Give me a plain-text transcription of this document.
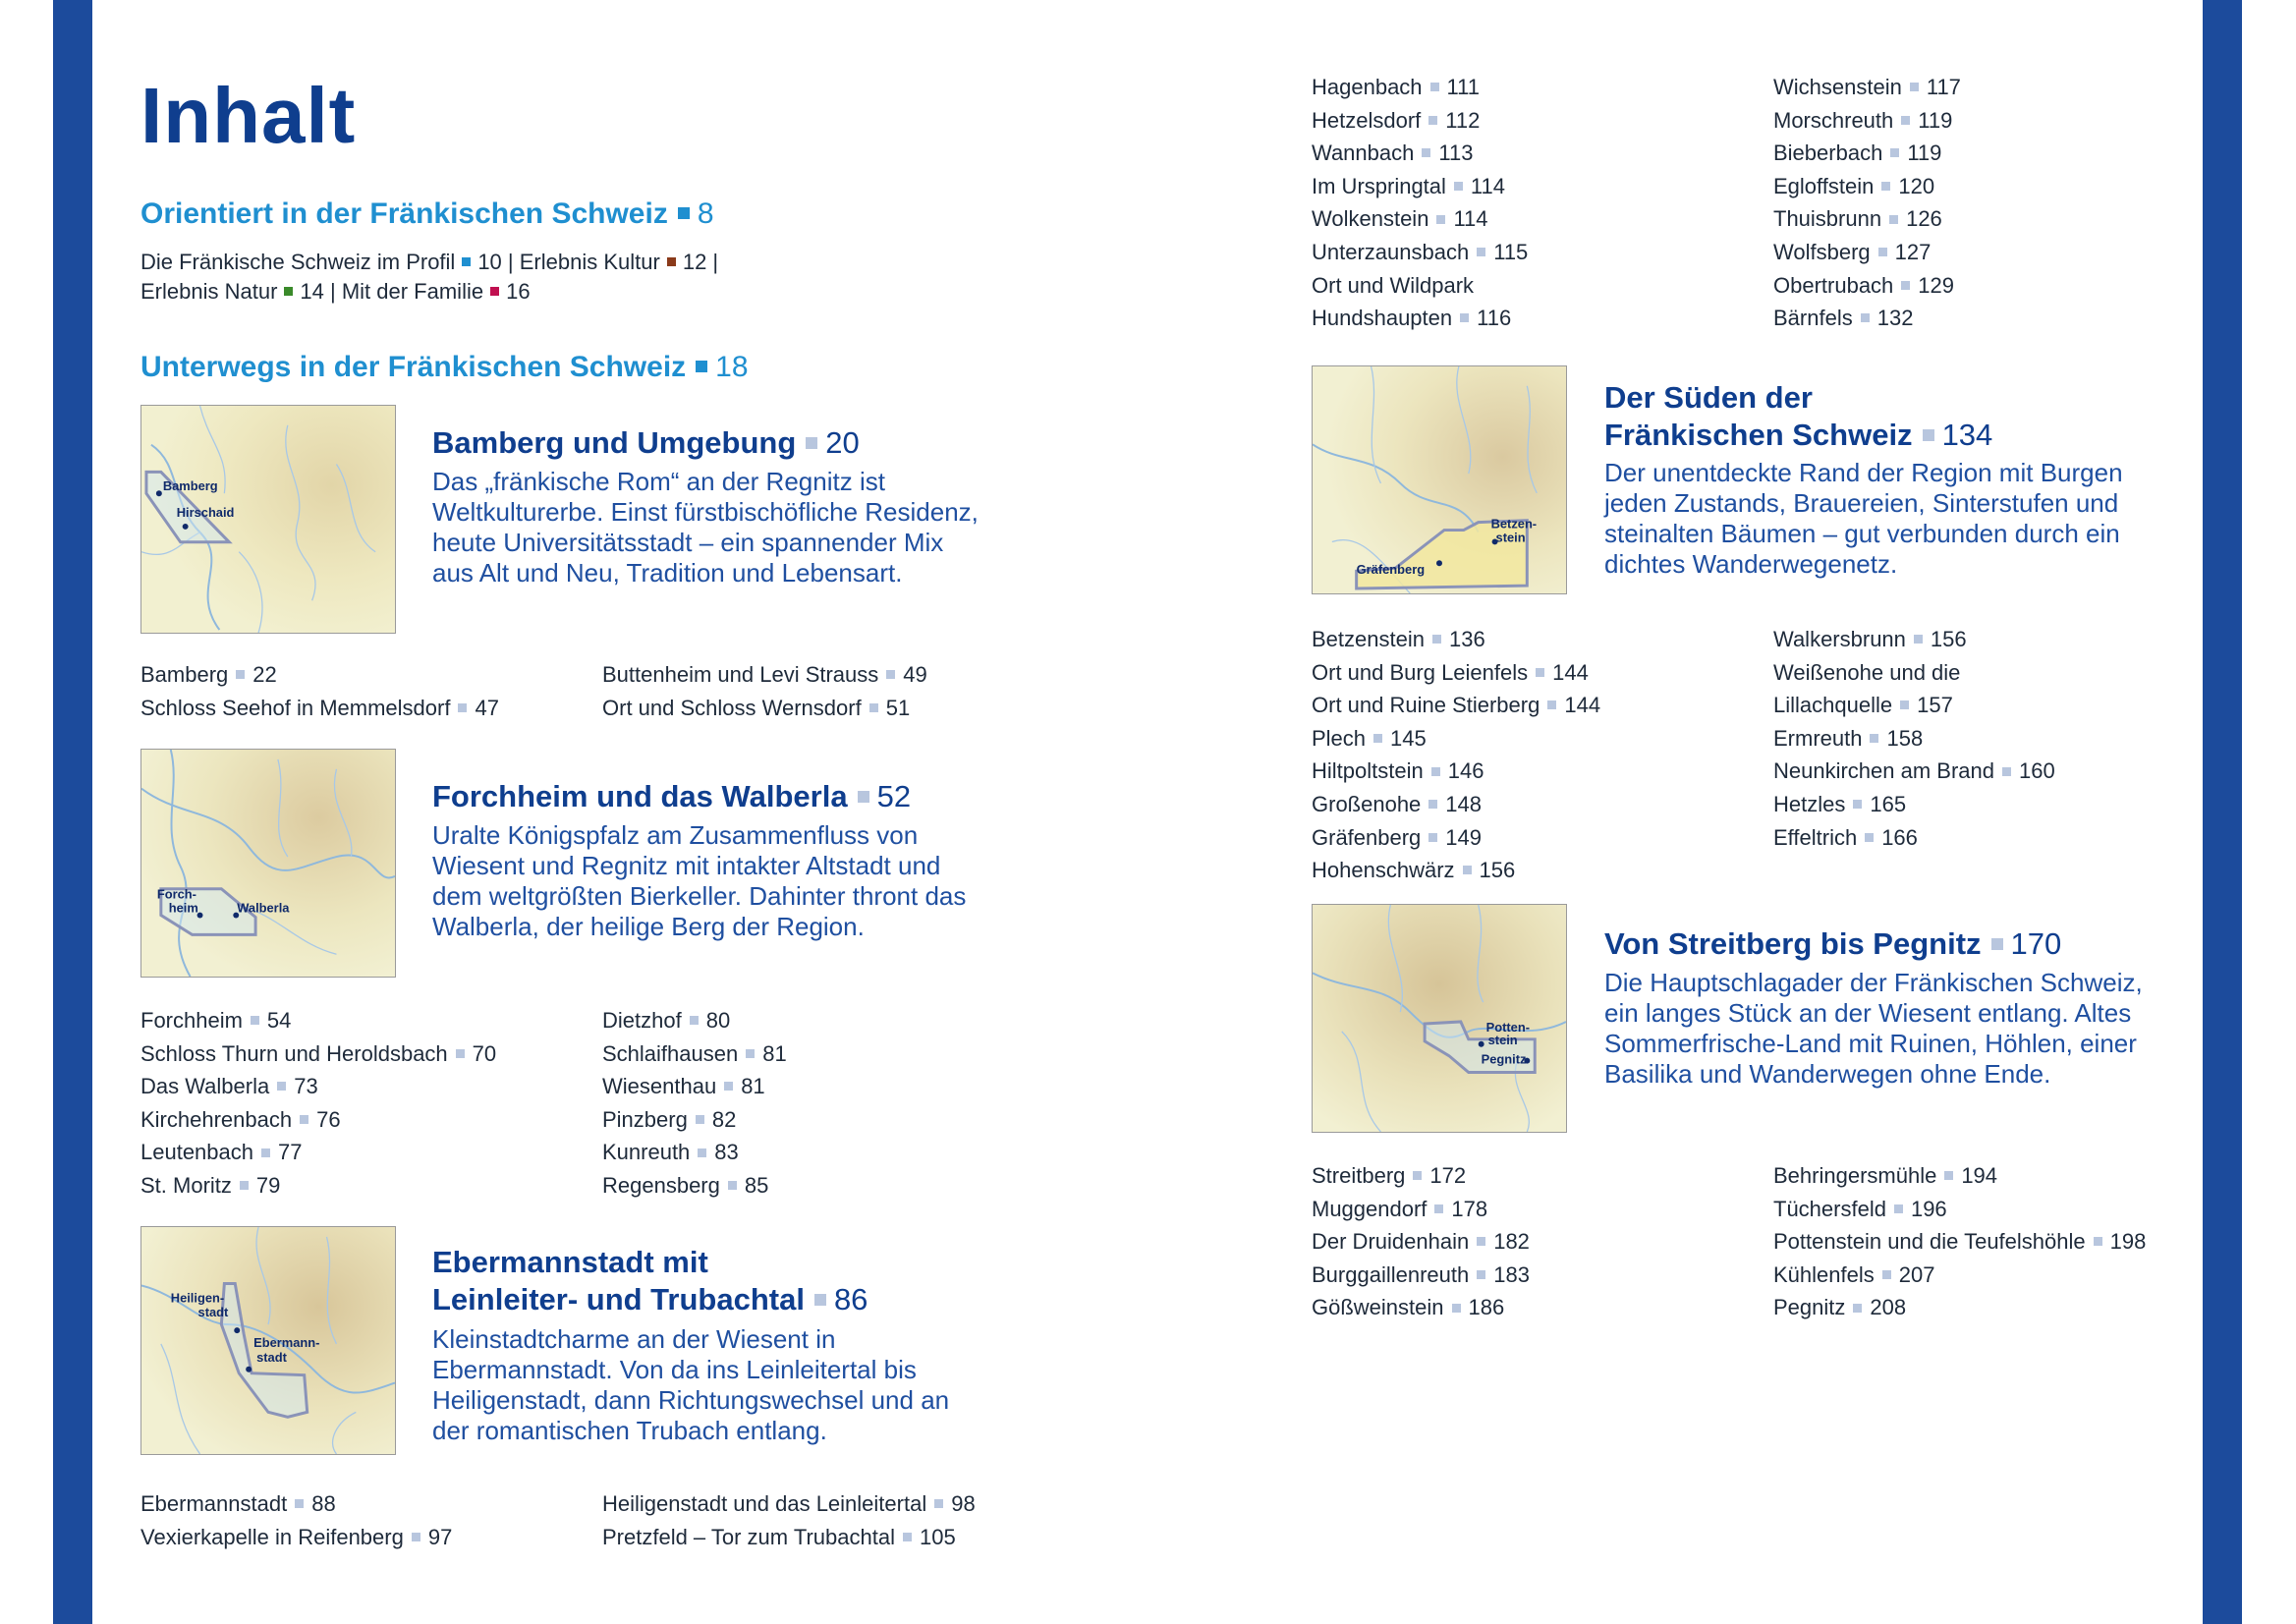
Inhalt
Orientiert in der Fränkischen Schweiz 8
Die Fränkische Schweiz im Profil 10 | Erlebnis Kultur 12 |
Erlebnis Natur 14 | Mit der Familie 16
Unterwegs in der Fränkischen Schweiz 18
Bamberg
Hirschaid
Bamberg und Umgebung 20

Das „fränkische Rom“ an der Regnitz ist Weltkulturerbe. Einst fürstbischöfliche Residenz, heute Universitätsstadt – ein spannender Mix aus Alt und Neu, Tradition und Lebensart.

Bamberg 22
Schloss Seehof in Memmelsdorf 47
Buttenheim und Levi Strauss 49
Ort und Schloss Wernsdorf 51
Forch-
heim	Walberla
Forchheim und das Walberla 52

Uralte Königspfalz am Zusammenfluss von Wiesent und Regnitz mit intakter Altstadt und dem weltgrößten Bierkeller. Dahinter thront das Walberla, der heilige Berg der Region.

Forchheim 54
Schloss Thurn und Heroldsbach 70
Das Walberla 73
Kirchehrenbach 76
Leutenbach 77
St. Moritz 79
Dietzhof 80
Schlaifhausen 81
Wiesenthau 81
Pinzberg 82
Kunreuth 83
Regensberg 85
Heiligen-
stadt
Ebermann-
stadt
Ebermannstadt mit
Leinleiter- und Trubachtal 86

Kleinstadtcharme an der Wiesent in Ebermannstadt. Von da ins Leinleitertal bis Heiligenstadt, dann Richtungswechsel und an der romantischen Trubach entlang.

Ebermannstadt 88
Vexierkapelle in Reifenberg 97
Heiligenstadt und das Leinleitertal 98
Pretzfeld – Tor zum Trubachtal 105
Hagenbach 111
Hetzelsdorf 112
Wannbach 113
Im Urspringtal 114
Wolkenstein 114
Unterzaunsbach 115
Ort und Wildpark
Hundshaupten 116
Wichsenstein 117
Morschreuth 119
Bieberbach 119
Egloffstein 120
Thuisbrunn 126
Wolfsberg 127
Obertrubach 129
Bärnfels 132
Betzen-
stein
Gräfenberg
Der Süden der
Fränkischen Schweiz 134

Der unentdeckte Rand der Region mit Burgen jeden Zustands, Brauereien, Sinterstufen und steinalten Bäumen – gut verbunden durch ein dichtes Wanderwegenetz.

Betzenstein 136
Ort und Burg Leienfels 144
Ort und Ruine Stierberg 144
Plech 145
Hiltpoltstein 146
Großenohe 148
Gräfenberg 149
Hohenschwärz 156
Walkersbrunn 156
Weißenohe und die
Lillachquelle 157
Ermreuth 158
Neunkirchen am Brand 160
Hetzles 165
Effeltrich 166
Potten-
stein
Pegnitz
Von Streitberg bis Pegnitz 170

Die Hauptschlagader der Fränkischen Schweiz, ein langes Stück an der Wiesent entlang. Altes Sommerfrische-Land mit Ruinen, Höhlen, einer Basilika und Wanderwegen ohne Ende.

Streitberg 172
Muggendorf 178
Der Druidenhain 182
Burggaillenreuth 183
Gößweinstein 186
Behringersmühle 194
Tüchersfeld 196
Pottenstein und die Teufelshöhle 198
Kühlenfels 207
Pegnitz 208
